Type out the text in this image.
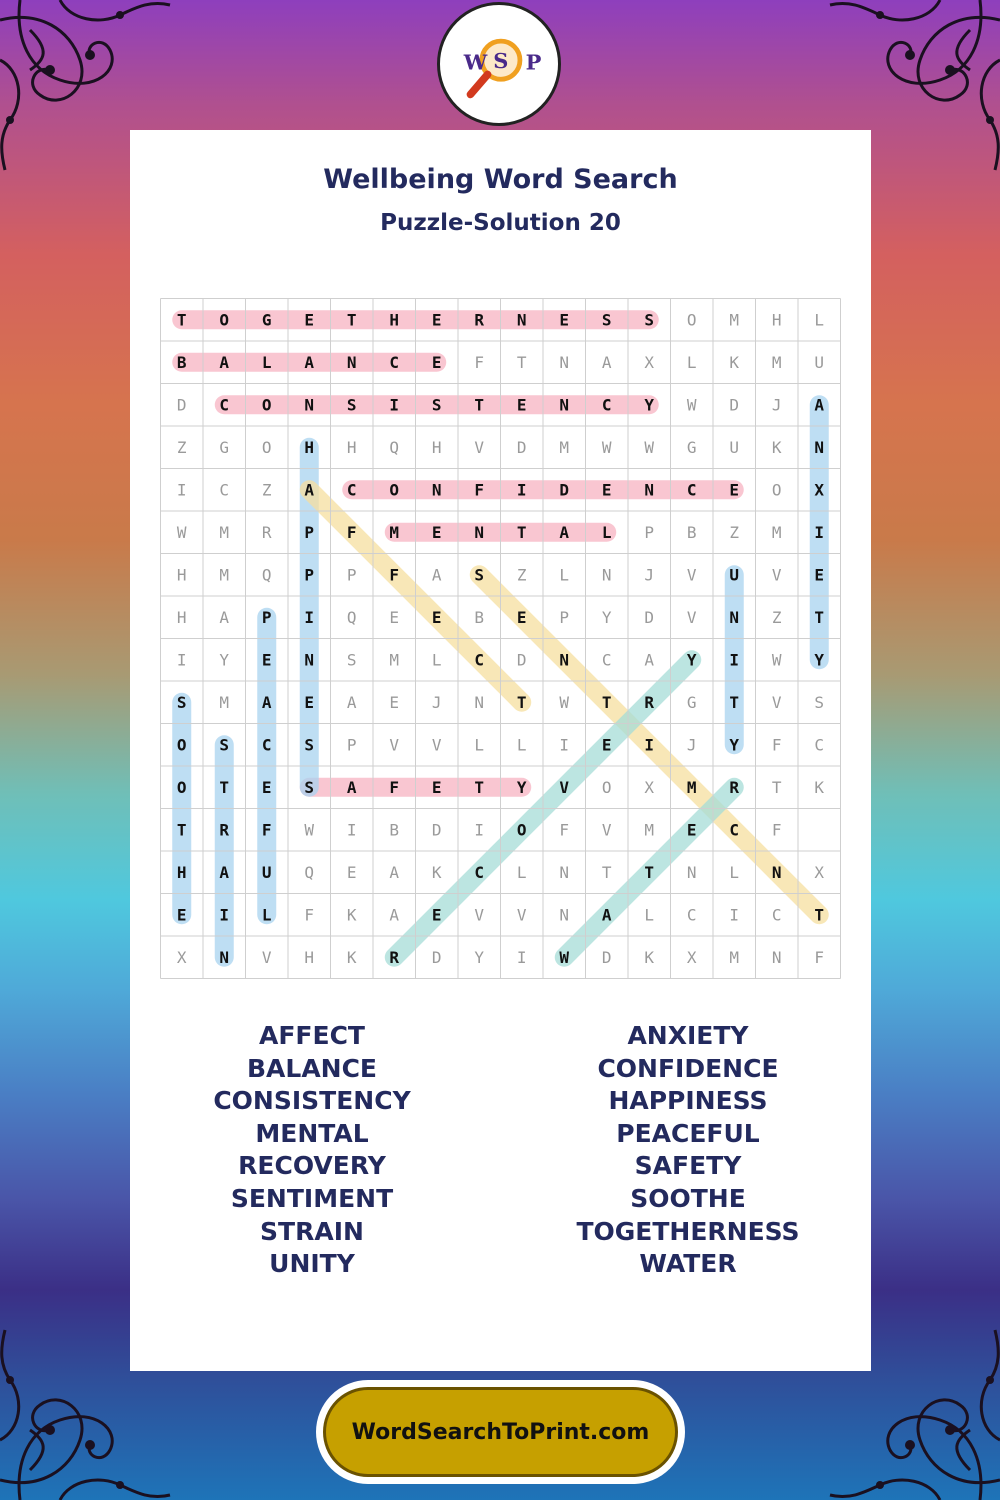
W S P
Wellbeing Word Search
Puzzle-Solution 20
T O G E T H E R N E S S O M H L
B A L A N C E F T N A X L K M U
D C O N S I S T E N C Y W D J A
Z G O H H Q H V D M W W G U K N
I C Z A C O N F I D E N C E O X
W M R P F M E N T A L P B Z M I
H M Q P P F A S Z L N J V U V E
H A P I Q E E B E P Y D V N Z T
I Y E N S M L C D N C A Y I W Y
S M A E A E J N T W T R G T V S
O S C S P V V L L I E I J Y F C
O T E S A F E T Y V O X M R T K
T R F W I B D I O F V M E C F
H A U Q E A K C L N T T N L N X
E I L F K A E V V N A L C I C T
X N V H K R D Y I W D K X M N F
AFFECT
BALANCE
CONSISTENCY
MENTAL
RECOVERY
SENTIMENT
STRAIN
UNITY
ANXIETY
CONFIDENCE
HAPPINESS
PEACEFUL
SAFETY
SOOTHE
TOGETHERNESS
WATER
WordSearchToPrint.com
